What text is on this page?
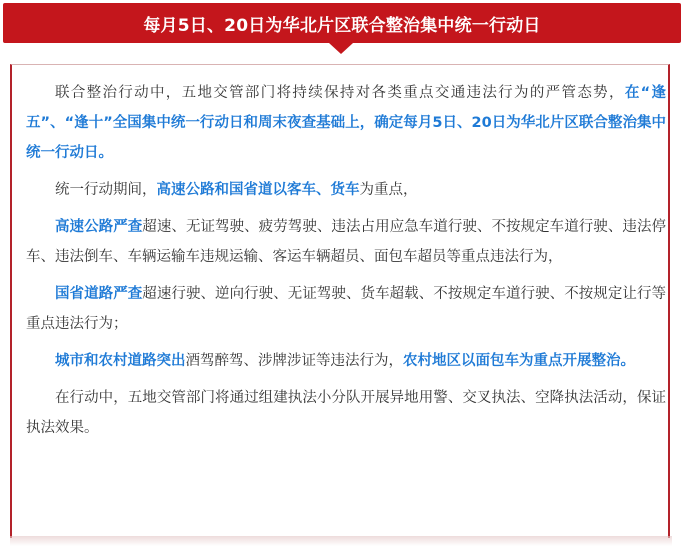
每月5日、20日为华北片区联合整治集中统一行动日

联合整治行动中，五地交管部门将持续保持对各类重点交通违法行为的严管态势，在“逢五”、“逢十”全国集中统一行动日和周末夜查基础上，确定每月5日、20日为华北片区联合整治集中统一行动日。

统一行动期间，高速公路和国省道以客车、货车为重点，

高速公路严查超速、无证驾驶、疲劳驾驶、违法占用应急车道行驶、不按规定车道行驶、违法停车、违法倒车、车辆运输车违规运输、客运车辆超员、面包车超员等重点违法行为，

国省道路严查超速行驶、逆向行驶、无证驾驶、货车超载、不按规定车道行驶、不按规定让行等重点违法行为；

城市和农村道路突出酒驾醉驾、涉牌涉证等违法行为，农村地区以面包车为重点开展整治。

在行动中，五地交管部门将通过组建执法小分队开展异地用警、交叉执法、空降执法活动，保证执法效果。
